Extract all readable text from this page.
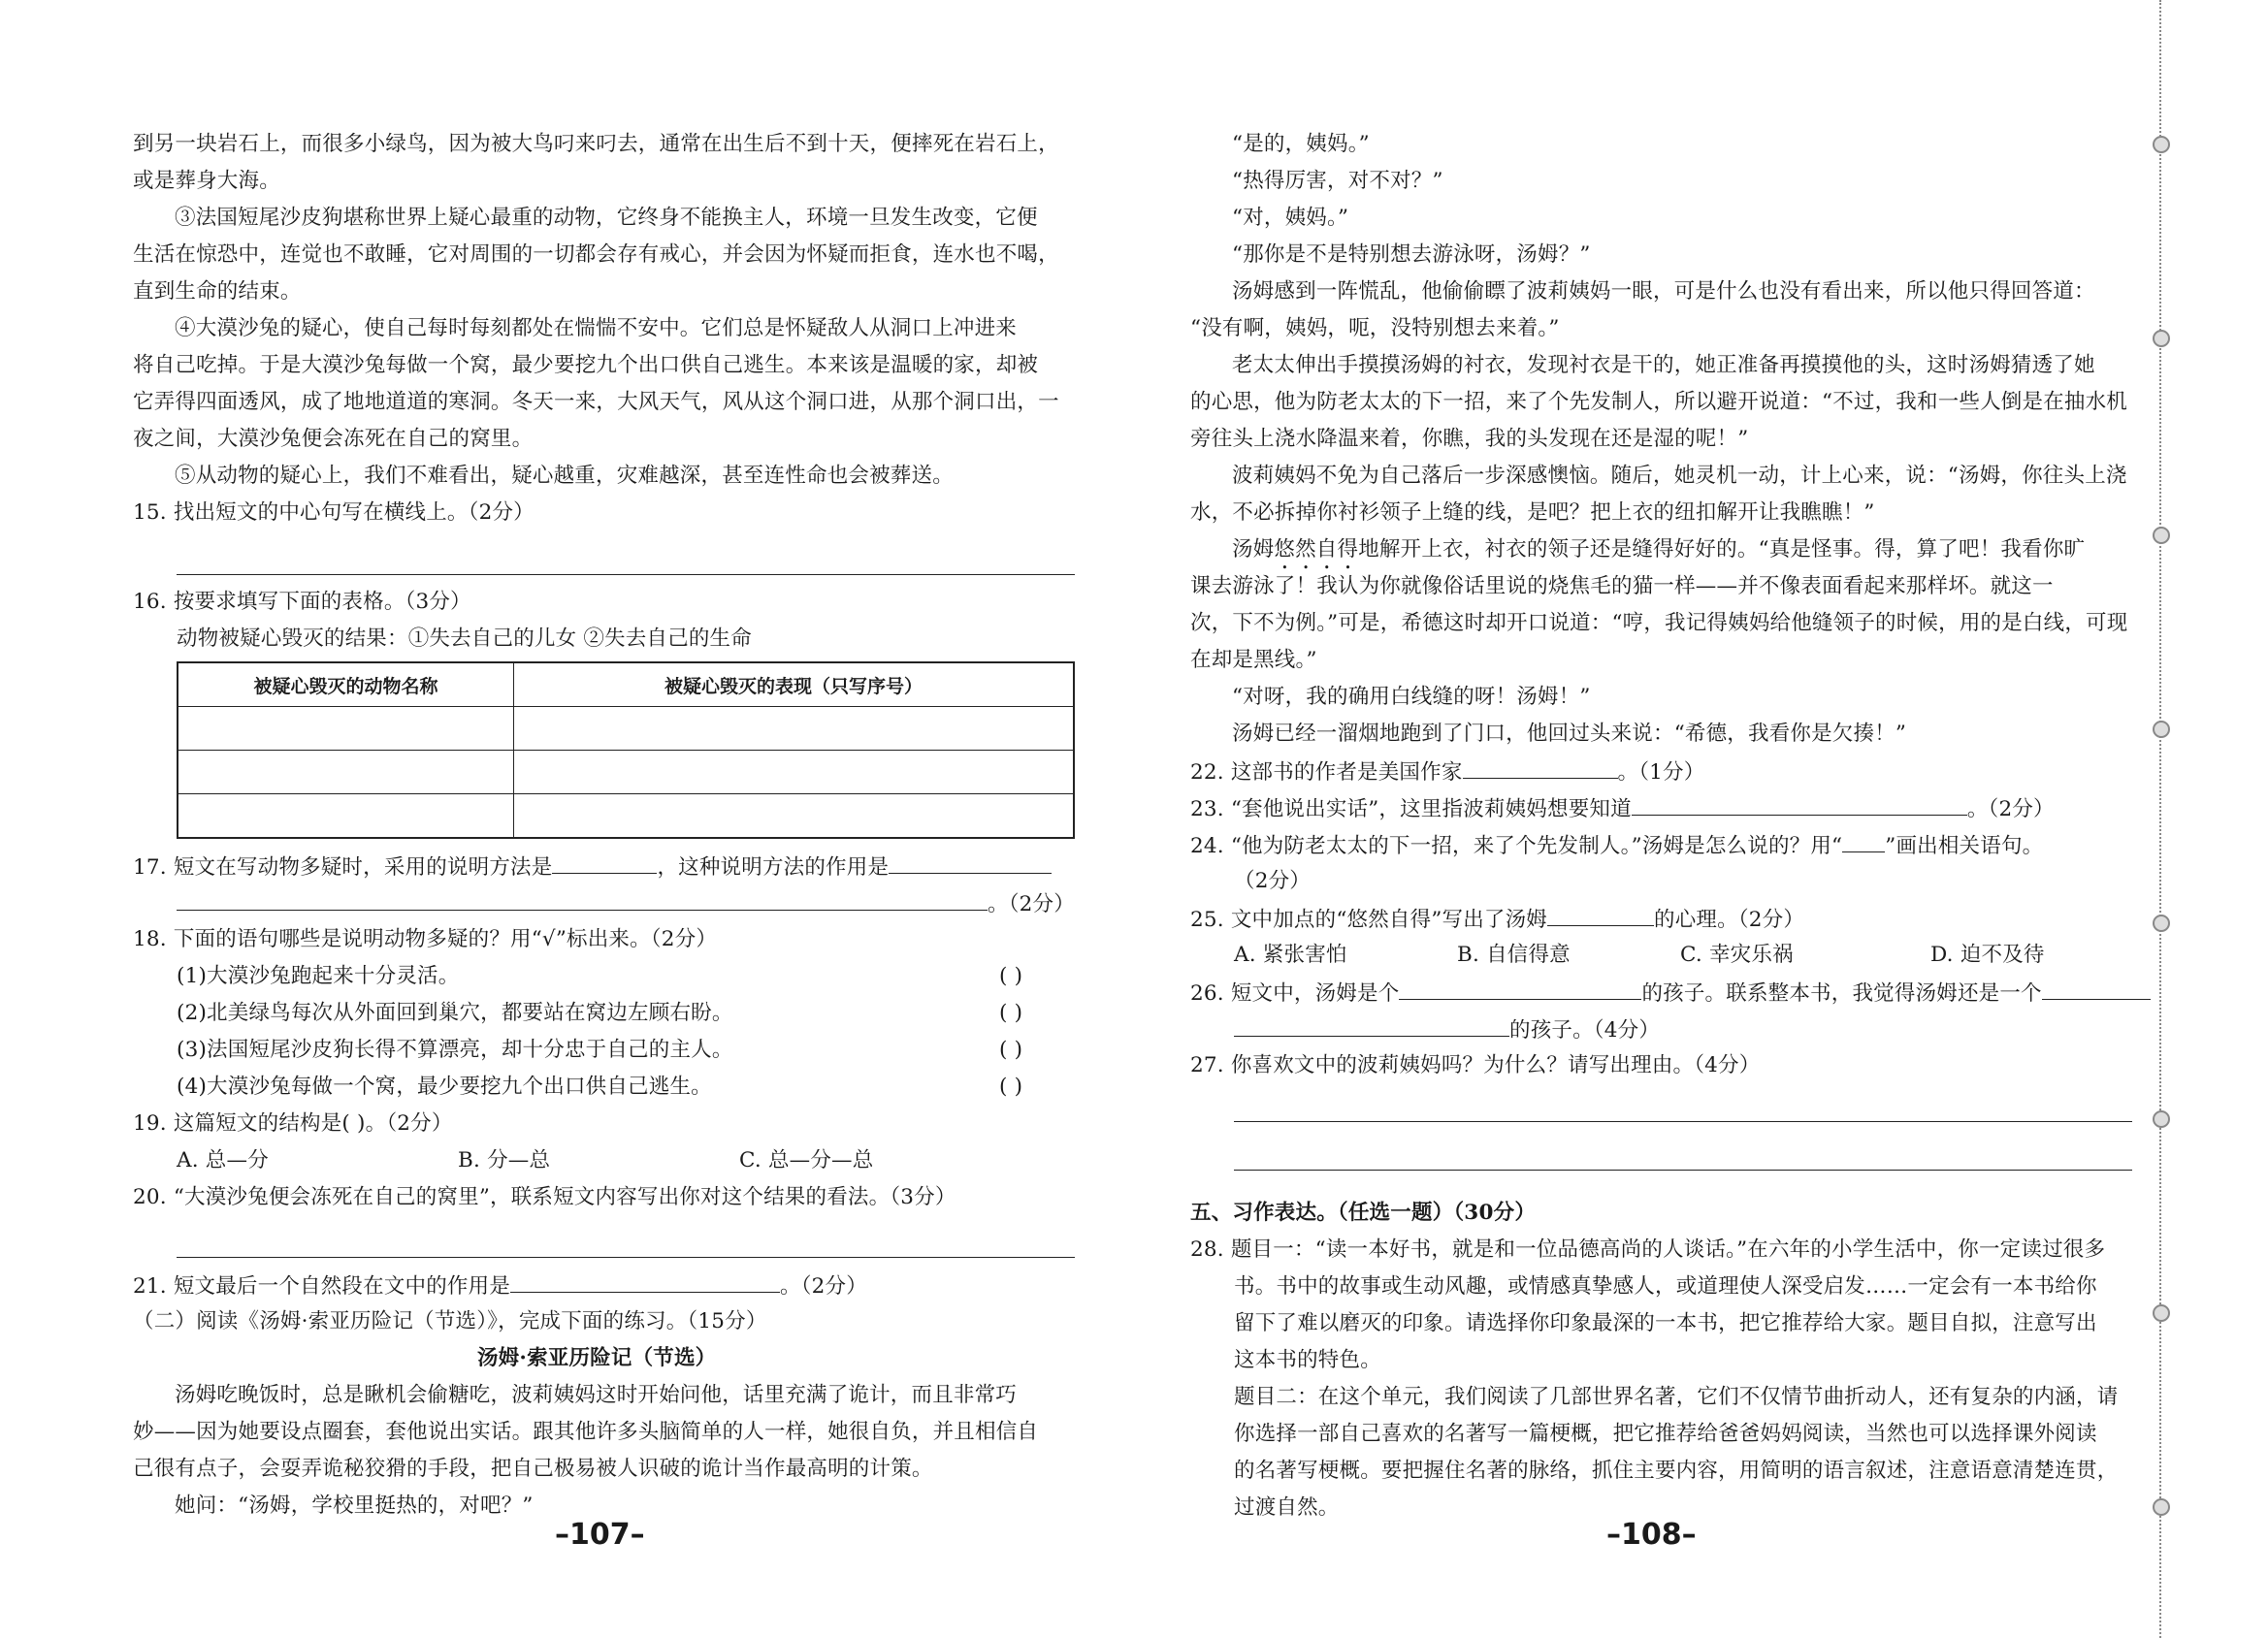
到另一块岩石上，而很多小绿鸟，因为被大鸟叼来叼去，通常在出生后不到十天，便摔死在岩石上，
或是葬身大海。
③法国短尾沙皮狗堪称世界上疑心最重的动物，它终身不能换主人，环境一旦发生改变，它便
生活在惊恐中，连觉也不敢睡，它对周围的一切都会存有戒心，并会因为怀疑而拒食，连水也不喝，
直到生命的结束。
④大漠沙兔的疑心，使自己每时每刻都处在惴惴不安中。它们总是怀疑敌人从洞口上冲进来
将自己吃掉。于是大漠沙兔每做一个窝，最少要挖九个出口供自己逃生。本来该是温暖的家，却被
它弄得四面透风，成了地地道道的寒洞。冬天一来，大风天气，风从这个洞口进，从那个洞口出，一
夜之间，大漠沙兔便会冻死在自己的窝里。
⑤从动物的疑心上，我们不难看出，疑心越重，灾难越深，甚至连性命也会被葬送。
15. 找出短文的中心句写在横线上。（2分）
16. 按要求填写下面的表格。（3分）
动物被疑心毁灭的结果：①失去自己的儿女 ②失去自己的生命
被疑心毁灭的动物名称	被疑心毁灭的表现（只写序号）

17. 短文在写动物多疑时，采用的说明方法是	，这种说明方法的作用是
。（2分）
18. 下面的语句哪些是说明动物多疑的？用“√”标出来。（2分）
(1)大漠沙兔跑起来十分灵活。	( )
(2)北美绿鸟每次从外面回到巢穴，都要站在窝边左顾右盼。	( )
(3)法国短尾沙皮狗长得不算漂亮，却十分忠于自己的主人。	( )
(4)大漠沙兔每做一个窝，最少要挖九个出口供自己逃生。	( )
19. 这篇短文的结构是( )。（2分）
A. 总—分	B. 分—总	C. 总—分—总
20. “大漠沙兔便会冻死在自己的窝里”，联系短文内容写出你对这个结果的看法。（3分）
21. 短文最后一个自然段在文中的作用是	。（2分）
（二）阅读《汤姆·索亚历险记（节选）》，完成下面的练习。（15分）
汤姆·索亚历险记（节选）
汤姆吃晚饭时，总是瞅机会偷糖吃，波莉姨妈这时开始问他，话里充满了诡计，而且非常巧
妙——因为她要设点圈套，套他说出实话。跟其他许多头脑简单的人一样，她很自负，并且相信自
己很有点子，会耍弄诡秘狡猾的手段，把自己极易被人识破的诡计当作最高明的计策。
她问：“汤姆，学校里挺热的，对吧？”
–107–
“是的，姨妈。”
“热得厉害，对不对？”
“对，姨妈。”
“那你是不是特别想去游泳呀，汤姆？”
汤姆感到一阵慌乱，他偷偷瞟了波莉姨妈一眼，可是什么也没有看出来，所以他只得回答道：
“没有啊，姨妈，呃，没特别想去来着。”
老太太伸出手摸摸汤姆的衬衣，发现衬衣是干的，她正准备再摸摸他的头，这时汤姆猜透了她
的心思，他为防老太太的下一招，来了个先发制人，所以避开说道：“不过，我和一些人倒是在抽水机
旁往头上浇水降温来着，你瞧，我的头发现在还是湿的呢！”
波莉姨妈不免为自己落后一步深感懊恼。随后，她灵机一动，计上心来，说：“汤姆，你往头上浇
水，不必拆掉你衬衫领子上缝的线，是吧？把上衣的纽扣解开让我瞧瞧！”
汤姆悠然自得地解开上衣，衬衣的领子还是缝得好好的。“真是怪事。得，算了吧！我看你旷
课去游泳了！我认为你就像俗话里说的烧焦毛的猫一样——并不像表面看起来那样坏。就这一
次，下不为例。”可是，希德这时却开口说道：“哼，我记得姨妈给他缝领子的时候，用的是白线，可现
在却是黑线。”
“对呀，我的确用白线缝的呀！汤姆！”
汤姆已经一溜烟地跑到了门口，他回过头来说：“希德，我看你是欠揍！”
22. 这部书的作者是美国作家	。（1分）
23. “套他说出实话”，这里指波莉姨妈想要知道	。（2分）
24. “他为防老太太的下一招，来了个先发制人。”汤姆是怎么说的？用“ ”画出相关语句。
（2分）
25. 文中加点的“悠然自得”写出了汤姆	的心理。（2分）
A. 紧张害怕	B. 自信得意	C. 幸灾乐祸	D. 迫不及待
26. 短文中，汤姆是个	的孩子。联系整本书，我觉得汤姆还是一个
的孩子。（4分）
27. 你喜欢文中的波莉姨妈吗？为什么？请写出理由。（4分）
五、习作表达。（任选一题）（30分）
28. 题目一：“读一本好书，就是和一位品德高尚的人谈话。”在六年的小学生活中，你一定读过很多
书。书中的故事或生动风趣，或情感真挚感人，或道理使人深受启发……一定会有一本书给你
留下了难以磨灭的印象。请选择你印象最深的一本书，把它推荐给大家。题目自拟，注意写出
这本书的特色。
题目二：在这个单元，我们阅读了几部世界名著，它们不仅情节曲折动人，还有复杂的内涵，请
你选择一部自己喜欢的名著写一篇梗概，把它推荐给爸爸妈妈阅读，当然也可以选择课外阅读
的名著写梗概。要把握住名著的脉络，抓住主要内容，用简明的语言叙述，注意语意清楚连贯，
过渡自然。
–108–
